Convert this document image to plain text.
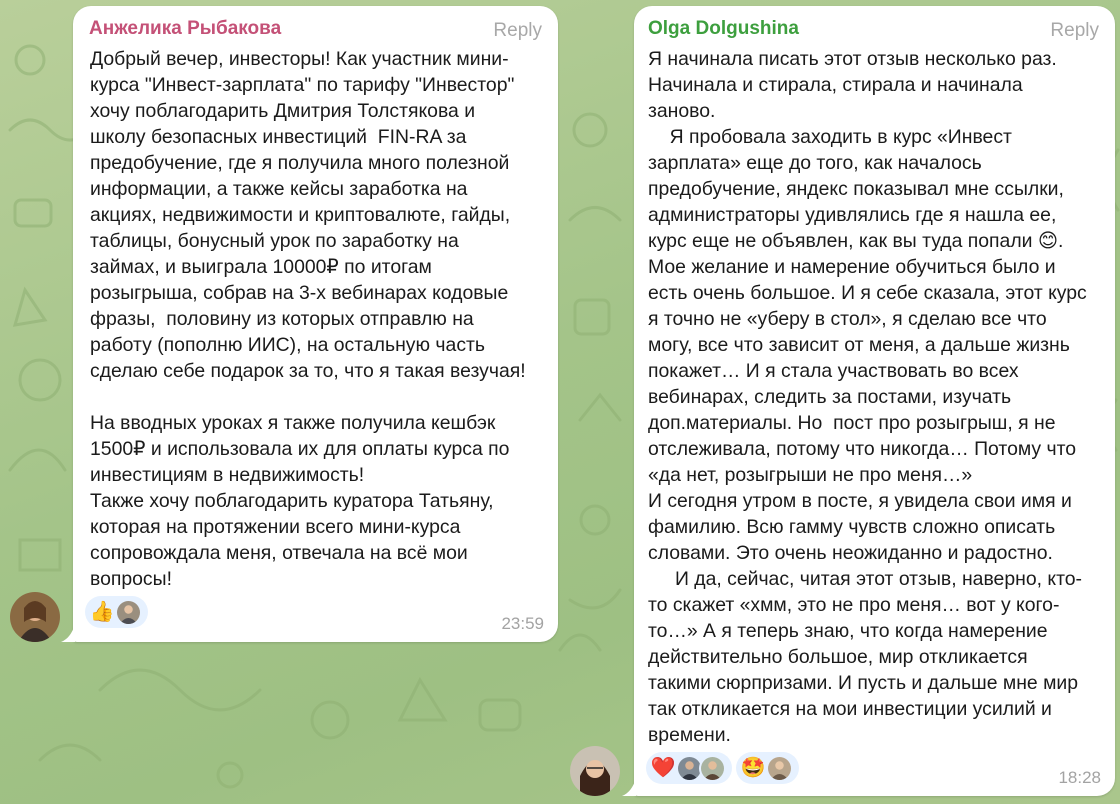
Анжелика Рыбакова	Reply
Добрый вечер, инвесторы! Как участник мини-
курса "Инвест-зарплата" по тарифу "Инвестор"
хочу поблагодарить Дмитрия Толстякова и
школу безопасных инвестиций  FIN-RA за
предобучение, где я получила много полезной
информации, а также кейсы заработка на
акциях, недвижимости и криптовалюте, гайды,
таблицы, бонусный урок по заработку на
займах, и выиграла 10000₽ по итогам
розыгрыша, собрав на 3-х вебинарах кодовые
фразы,  половину из которых отправлю на
работу (пополню ИИС), на остальную часть
сделаю себе подарок за то, что я такая везучая!

На вводных уроках я также получила кешбэк
1500₽ и использовала их для оплаты курса по
инвестициям в недвижимость!
Также хочу поблагодарить куратора Татьяну,
которая на протяжении всего мини-курса
сопровождала меня, отвечала на всё мои
вопросы!
👍
23:59
Olga Dolgushina	Reply
Я начинала писать этот отзыв несколько раз.
Начинала и стирала, стирала и начинала
заново.
Я пробовала заходить в курс «Инвест
зарплата» еще до того, как началось
предобучение, яндекс показывал мне ссылки,
администраторы удивлялись где я нашла ее,
курс еще не объявлен, как вы туда попали 😊.
Мое желание и намерение обучиться было и
есть очень большое. И я себе сказала, этот курс
я точно не «уберу в стол», я сделаю все что
могу, все что зависит от меня, а дальше жизнь
покажет… И я стала участвовать во всех
вебинарах, следить за постами, изучать
доп.материалы. Но  пост про розыгрыш, я не
отслеживала, потому что никогда… Потому что
«да нет, розыгрыши не про меня…»
И сегодня утром в посте, я увидела свои имя и
фамилию. Всю гамму чувств сложно описать
словами. Это очень неожиданно и радостно.
И да, сейчас, читая этот отзыв, наверно, кто-
то скажет «хмм, это не про меня… вот у кого-
то…» А я теперь знаю, что когда намерение
действительно большое, мир откликается
такими сюрпризами. И пусть и дальше мне мир
так откликается на мои инвестиции усилий и
времени.
❤️	🤩	18:28
